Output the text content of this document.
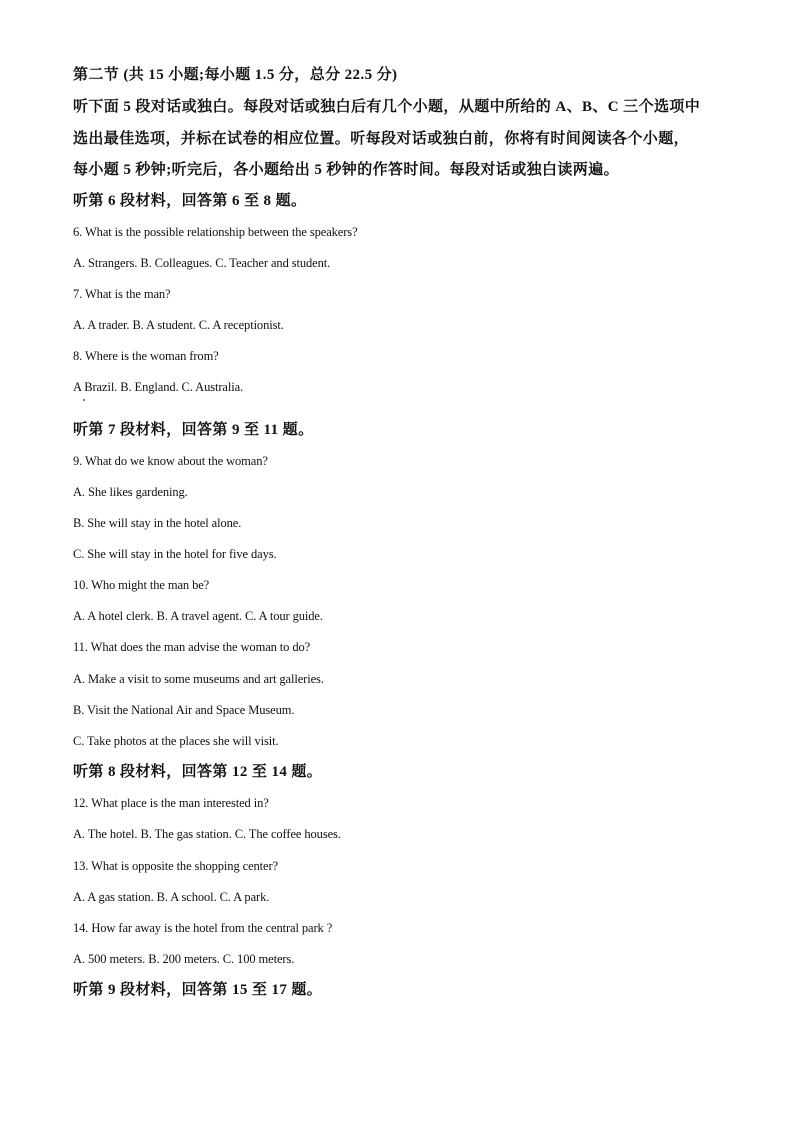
第二节 (共 15 小题;每小题 1.5 分，总分 22.5 分)
听下面 5 段对话或独白。每段对话或独白后有几个小题，从题中所给的 A、B、C 三个选项中
选出最佳选项，并标在试卷的相应位置。听每段对话或独白前，你将有时间阅读各个小题，
每小题 5 秒钟;听完后，各小题给出 5 秒钟的作答时间。每段对话或独白读两遍。
听第 6 段材料，回答第 6 至 8 题。
6. What is the possible relationship between the speakers?
A. Strangers. B. Colleagues. C. Teacher and student.
7. What is the man?
A. A trader. B. A student. C. A receptionist.
8. Where is the woman from?
A Brazil. B. England. C. Australia.
听第 7 段材料，回答第 9 至 11 题。
9. What do we know about the woman?
A. She likes gardening.
B. She will stay in the hotel alone.
C. She will stay in the hotel for five days.
10. Who might the man be?
A. A hotel clerk. B. A travel agent. C. A tour guide.
11. What does the man advise the woman to do?
A. Make a visit to some museums and art galleries.
B. Visit the National Air and Space Museum.
C. Take photos at the places she will visit.
听第 8 段材料，回答第 12 至 14 题。
12. What place is the man interested in?
A. The hotel. B. The gas station. C. The coffee houses.
13. What is opposite the shopping center?
A. A gas station. B. A school. C. A park.
14. How far away is the hotel from the central park ?
A. 500 meters. B. 200 meters. C. 100 meters.
听第 9 段材料，回答第 15 至 17 题。
